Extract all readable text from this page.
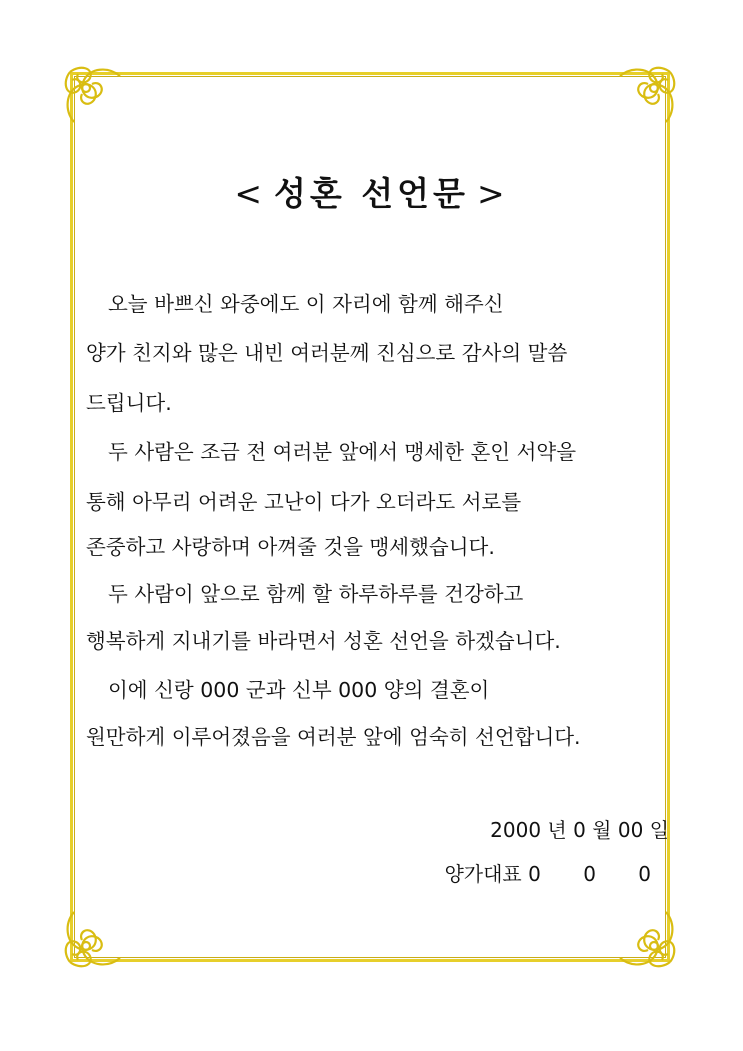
< 성혼 선언문 >
오늘 바쁘신 와중에도 이 자리에 함께 해주신
양가 친지와 많은 내빈 여러분께 진심으로 감사의 말씀
드립니다.
두 사람은 조금 전 여러분 앞에서 맹세한 혼인 서약을
통해 아무리 어려운 고난이 다가 오더라도 서로를
존중하고 사랑하며 아껴줄 것을 맹세했습니다.
두 사람이 앞으로 함께 할 하루하루를 건강하고
행복하게 지내기를 바라면서 성혼 선언을 하겠습니다.
이에 신랑 000 군과 신부 000 양의 결혼이
원만하게 이루어졌음을 여러분 앞에 엄숙히 선언합니다.
2000 년 0 월 00 일
양가대표 0 0 0
